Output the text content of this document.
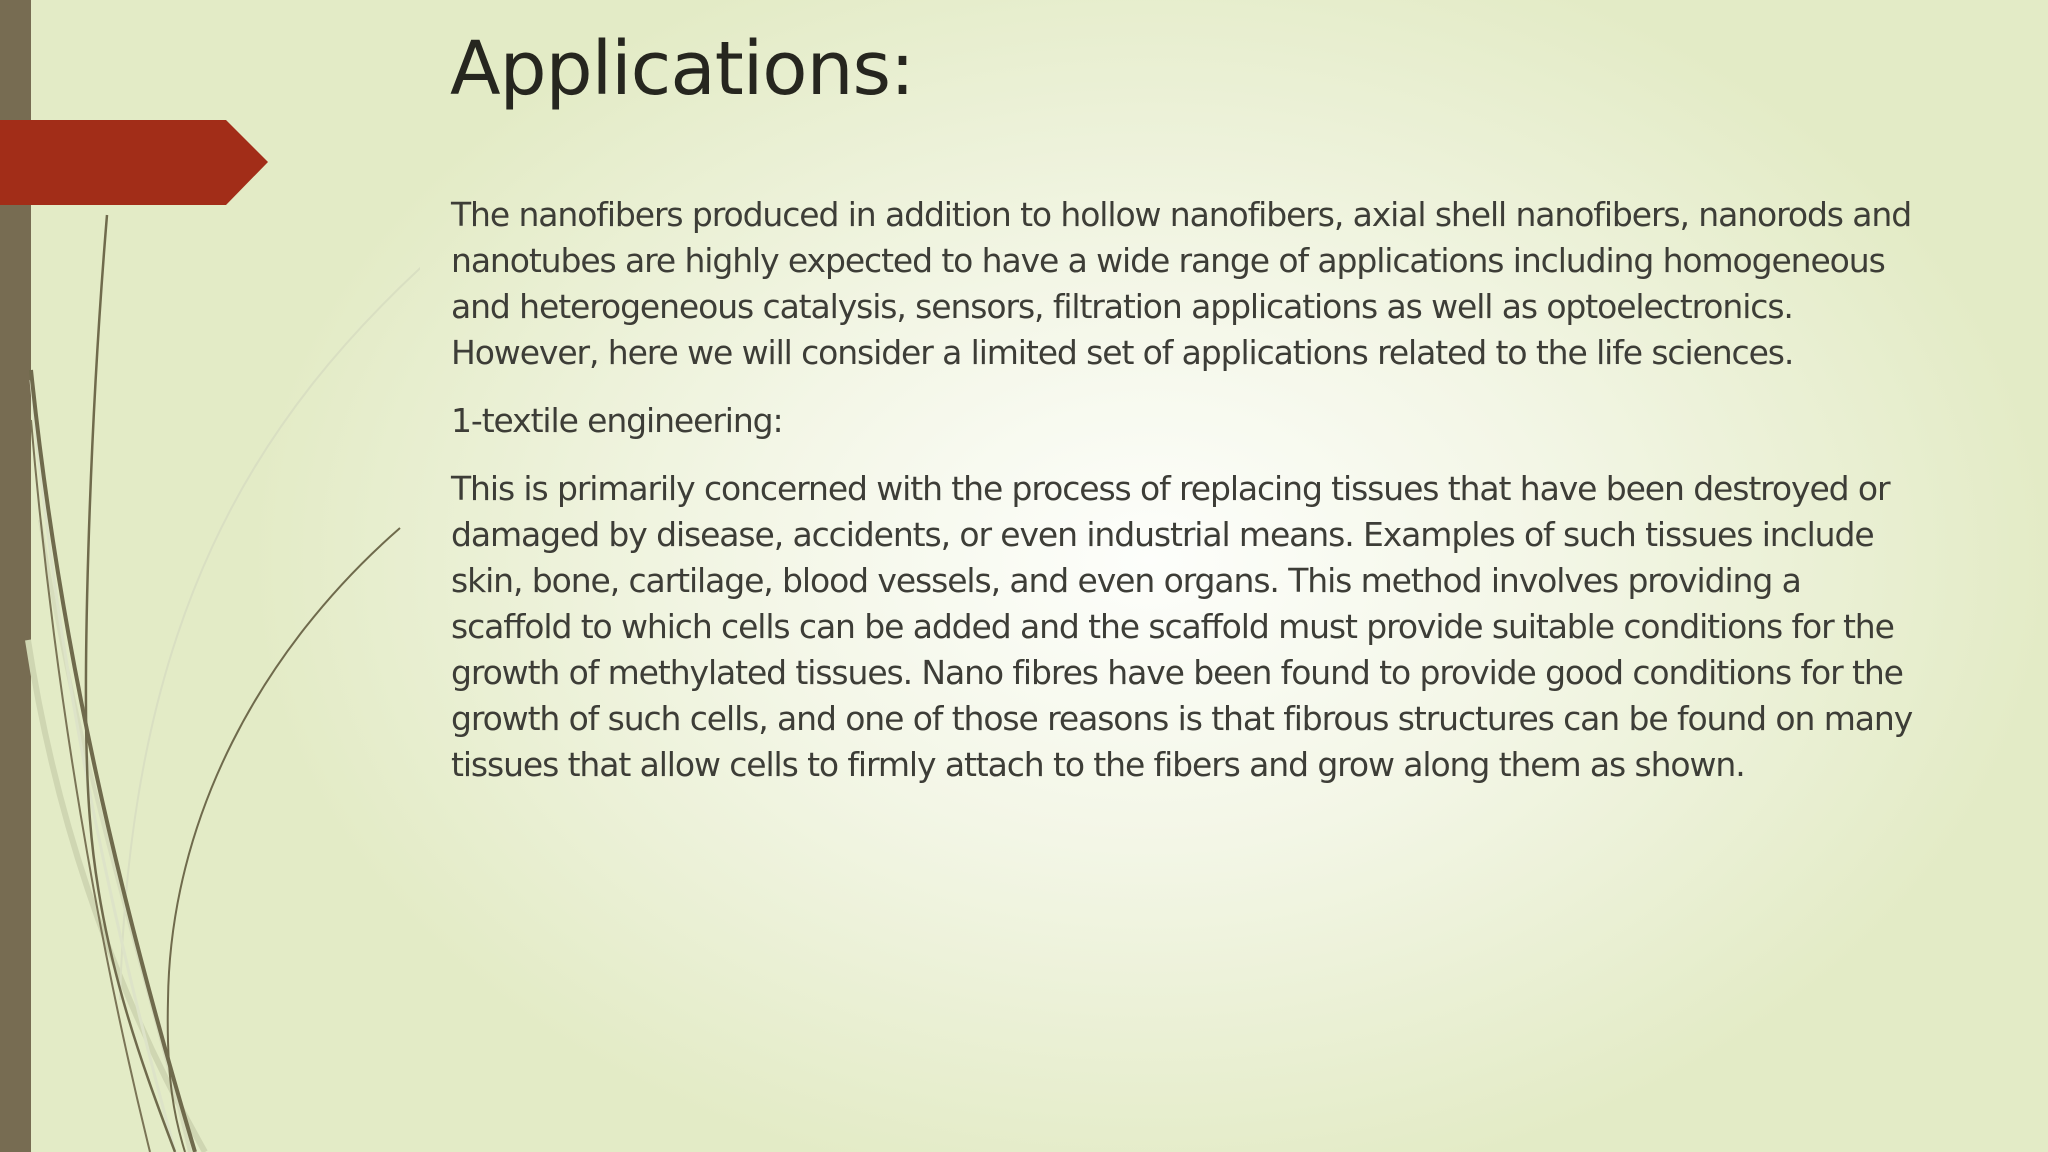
Applications:

The nanofibers produced in addition to hollow nanofibers, axial shell nanofibers, nanorods and nanotubes are highly expected to have a wide range of applications including homogeneous and heterogeneous catalysis, sensors, filtration applications as well as optoelectronics. However, here we will consider a limited set of applications related to the life sciences.

1-textile engineering:

This is primarily concerned with the process of replacing tissues that have been destroyed or damaged by disease, accidents, or even industrial means. Examples of such tissues include skin, bone, cartilage, blood vessels, and even organs. This method involves providing a scaffold to which cells can be added and the scaffold must provide suitable conditions for the growth of methylated tissues. Nano fibres have been found to provide good conditions for the growth of such cells, and one of those reasons is that fibrous structures can be found on many tissues that allow cells to firmly attach to the fibers and grow along them as shown.
